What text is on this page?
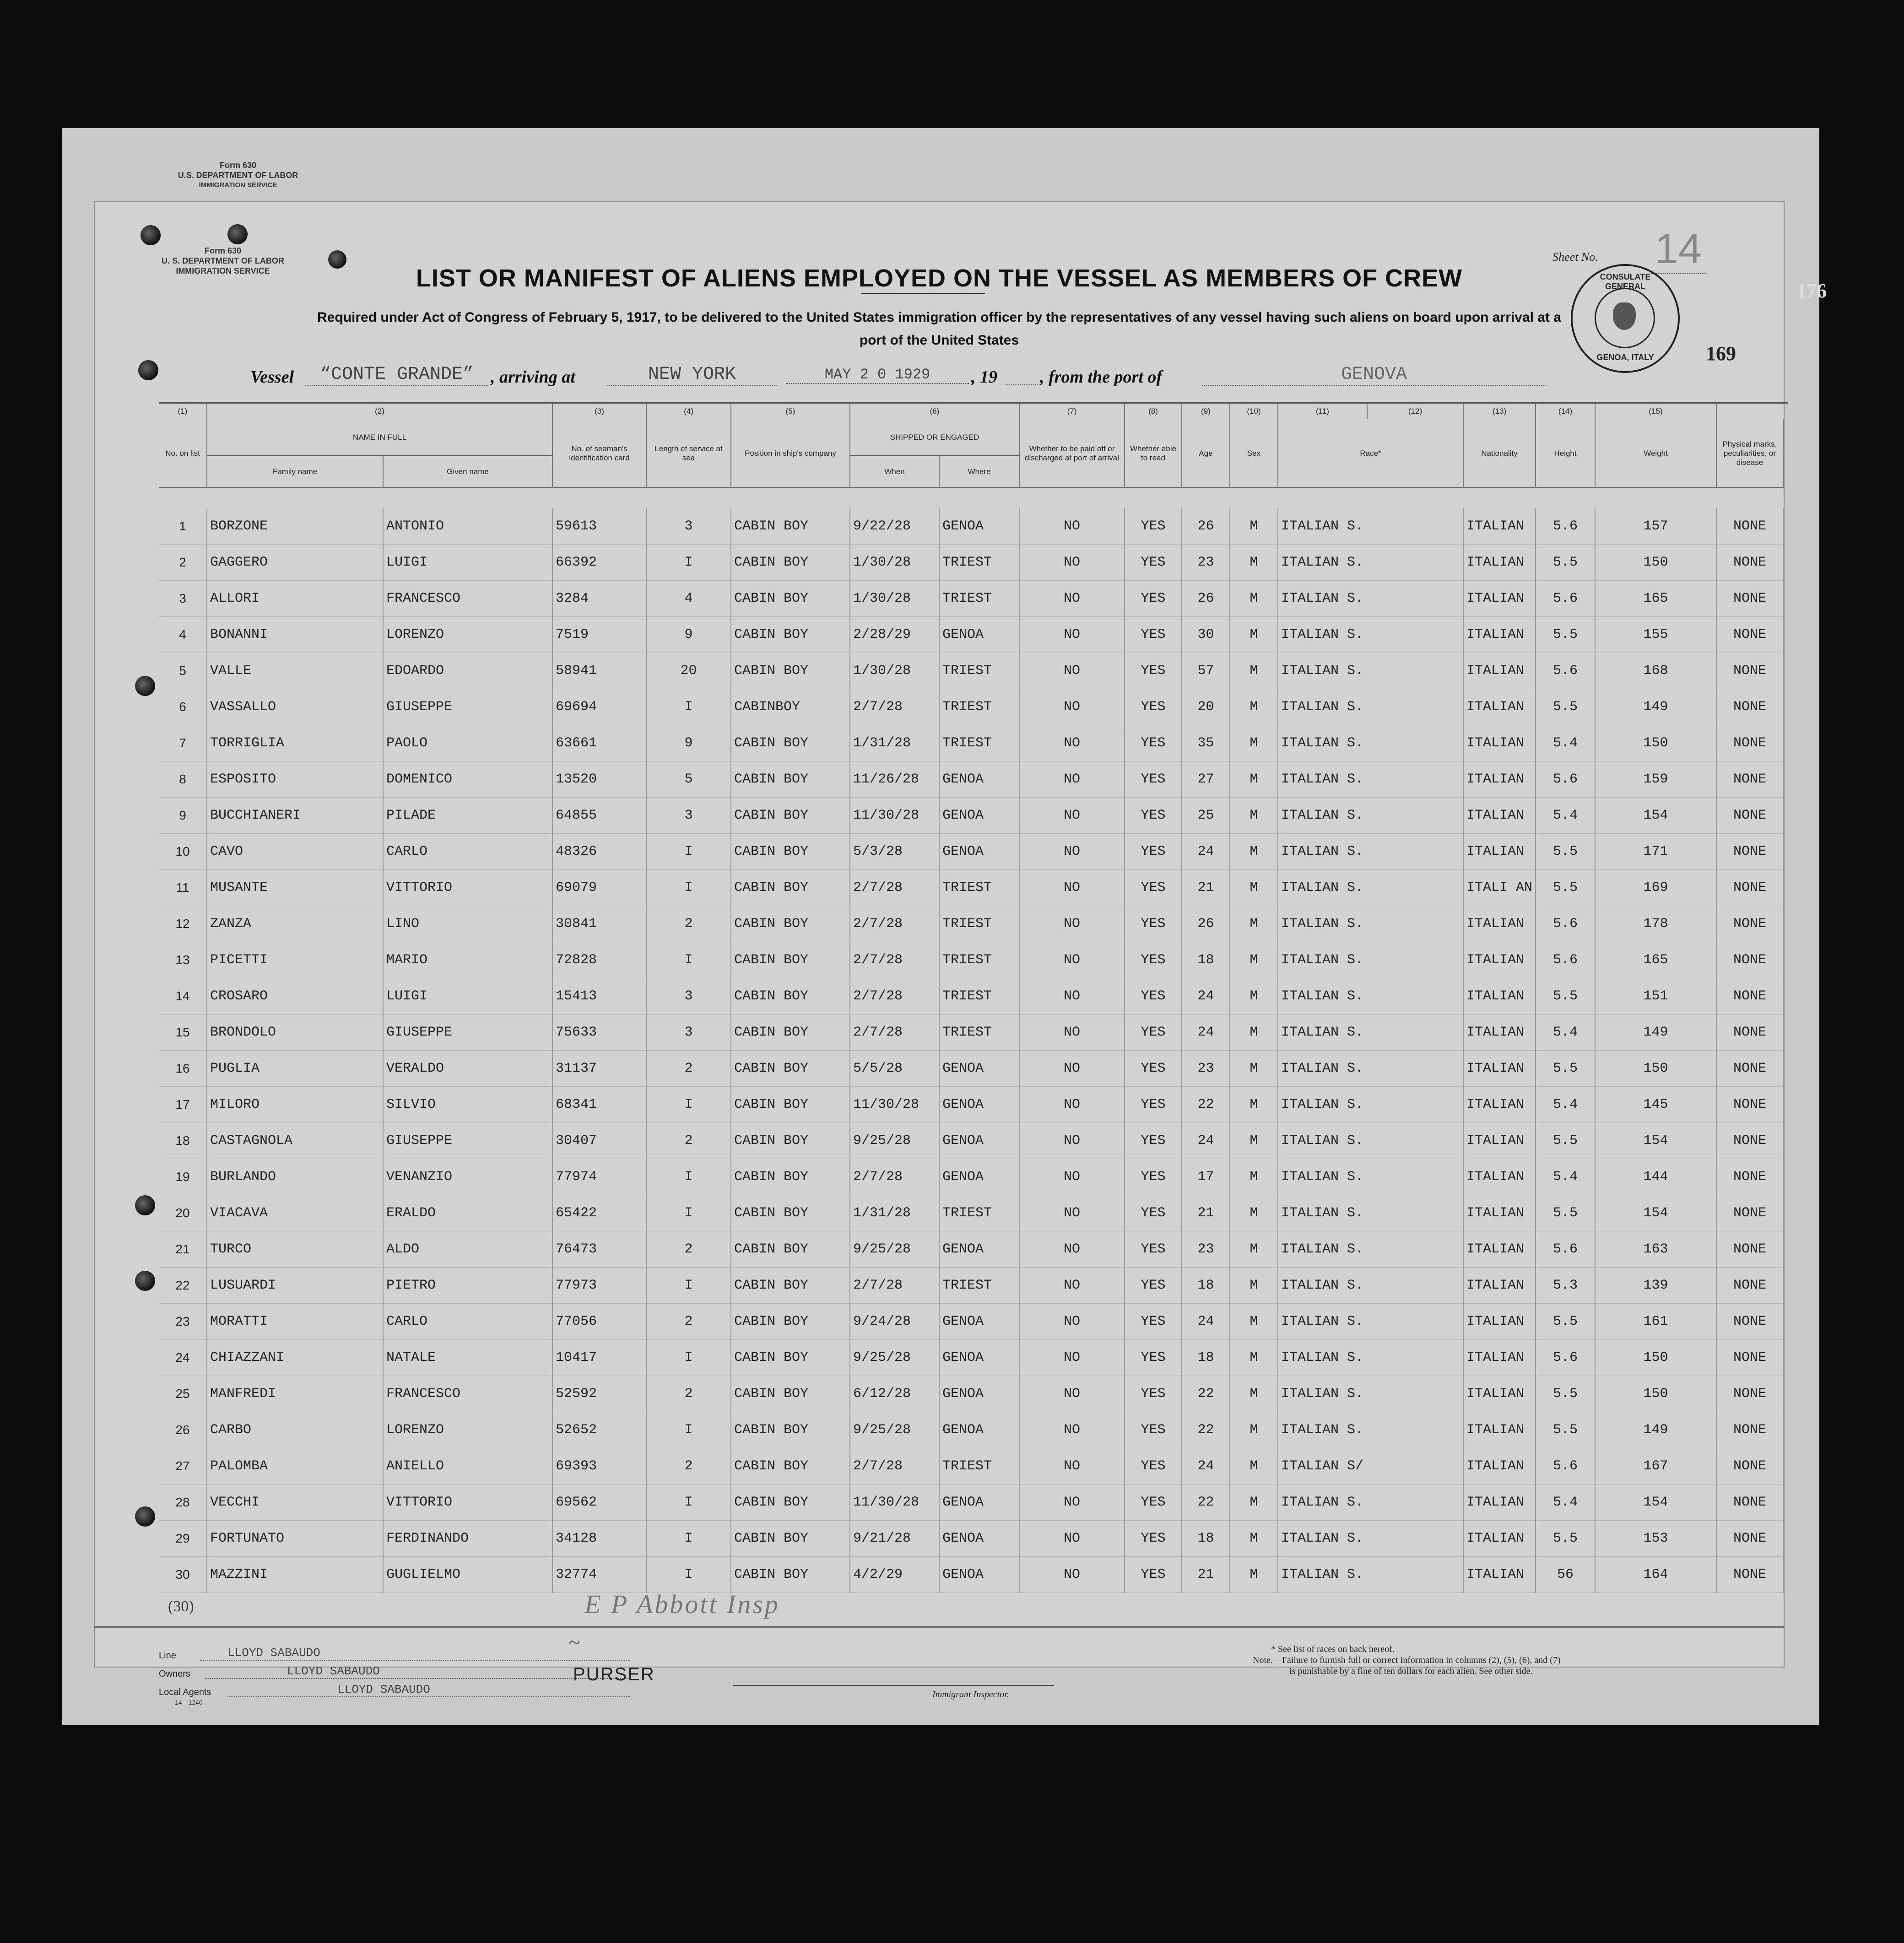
Form 630
U.S. DEPARTMENT OF LABOR
IMMIGRATION SERVICE
176
Form 630
U. S. DEPARTMENT OF LABOR
IMMIGRATION SERVICE
Sheet No. 14
169
CONSULATE GENERAL
GENOA, ITALY
LIST OR MANIFEST OF ALIENS EMPLOYED ON THE VESSEL AS MEMBERS OF CREW
Required under Act of Congress of February 5, 1917, to be delivered to the United States immigration officer by the representatives of any vessel having such aliens on board upon arrival at a
port of the United States
Vessel	“CONTE GRANDE” , arriving at	NEW YORK	MAY 2 0 1929	, 19 , from the port of	GENOVA
(1)	(2)		(3)	(4)	(5)	(6)		(7)	(8)	(9)	(10)	(11)	(12)	(13)	(14)	(15)	
No. on list	NAME IN FULL		No. of seaman's identification card	Length of service at sea	Position in ship's company	SHIPPED OR ENGAGED		Whether to be paid off or discharged at port of arrival	Whether able to read	Age	Sex	Race*		Nationality	Height	Weight	Physical marks, peculiarities, or disease
	Family name	Given name				When	Where										

1	BORZONE	ANTONIO	59613	3	CABIN BOY	9/22/28	GENOA	NO	YES	26	M	ITALIAN S.		ITALIAN	5.6	157	NONE
2	GAGGERO	LUIGI	66392	I	CABIN BOY	1/30/28	TRIEST	NO	YES	23	M	ITALIAN S.		ITALIAN	5.5	150	NONE
3	ALLORI	FRANCESCO	3284	4	CABIN BOY	1/30/28	TRIEST	NO	YES	26	M	ITALIAN S.		ITALIAN	5.6	165	NONE
4	BONANNI	LORENZO	7519	9	CABIN BOY	2/28/29	GENOA	NO	YES	30	M	ITALIAN S.		ITALIAN	5.5	155	NONE
5	VALLE	EDOARDO	58941	20	CABIN BOY	1/30/28	TRIEST	NO	YES	57	M	ITALIAN S.		ITALIAN	5.6	168	NONE
6	VASSALLO	GIUSEPPE	69694	I	CABINBOY	2/7/28	TRIEST	NO	YES	20	M	ITALIAN S.		ITALIAN	5.5	149	NONE
7	TORRIGLIA	PAOLO	63661	9	CABIN BOY	1/31/28	TRIEST	NO	YES	35	M	ITALIAN S.		ITALIAN	5.4	150	NONE
8	ESPOSITO	DOMENICO	13520	5	CABIN BOY	11/26/28	GENOA	NO	YES	27	M	ITALIAN S.		ITALIAN	5.6	159	NONE
9	BUCCHIANERI	PILADE	64855	3	CABIN BOY	11/30/28	GENOA	NO	YES	25	M	ITALIAN S.		ITALIAN	5.4	154	NONE
10	CAVO	CARLO	48326	I	CABIN BOY	5/3/28	GENOA	NO	YES	24	M	ITALIAN S.		ITALIAN	5.5	171	NONE
11	MUSANTE	VITTORIO	69079	I	CABIN BOY	2/7/28	TRIEST	NO	YES	21	M	ITALIAN S.		ITALI AN	5.5	169	NONE
12	ZANZA	LINO	30841	2	CABIN BOY	2/7/28	TRIEST	NO	YES	26	M	ITALIAN S.		ITALIAN	5.6	178	NONE
13	PICETTI	MARIO	72828	I	CABIN BOY	2/7/28	TRIEST	NO	YES	18	M	ITALIAN S.		ITALIAN	5.6	165	NONE
14	CROSARO	LUIGI	15413	3	CABIN BOY	2/7/28	TRIEST	NO	YES	24	M	ITALIAN S.		ITALIAN	5.5	151	NONE
15	BRONDOLO	GIUSEPPE	75633	3	CABIN BOY	2/7/28	TRIEST	NO	YES	24	M	ITALIAN S.		ITALIAN	5.4	149	NONE
16	PUGLIA	VERALDO	31137	2	CABIN BOY	5/5/28	GENOA	NO	YES	23	M	ITALIAN S.		ITALIAN	5.5	150	NONE
17	MILORO	SILVIO	68341	I	CABIN BOY	11/30/28	GENOA	NO	YES	22	M	ITALIAN S.		ITALIAN	5.4	145	NONE
18	CASTAGNOLA	GIUSEPPE	30407	2	CABIN BOY	9/25/28	GENOA	NO	YES	24	M	ITALIAN S.		ITALIAN	5.5	154	NONE
19	BURLANDO	VENANZIO	77974	I	CABIN BOY	2/7/28	GENOA	NO	YES	17	M	ITALIAN S.		ITALIAN	5.4	144	NONE
20	VIACAVA	ERALDO	65422	I	CABIN BOY	1/31/28	TRIEST	NO	YES	21	M	ITALIAN S.		ITALIAN	5.5	154	NONE
21	TURCO	ALDO	76473	2	CABIN BOY	9/25/28	GENOA	NO	YES	23	M	ITALIAN S.		ITALIAN	5.6	163	NONE
22	LUSUARDI	PIETRO	77973	I	CABIN BOY	2/7/28	TRIEST	NO	YES	18	M	ITALIAN S.		ITALIAN	5.3	139	NONE
23	MORATTI	CARLO	77056	2	CABIN BOY	9/24/28	GENOA	NO	YES	24	M	ITALIAN S.		ITALIAN	5.5	161	NONE
24	CHIAZZANI	NATALE	10417	I	CABIN BOY	9/25/28	GENOA	NO	YES	18	M	ITALIAN S.		ITALIAN	5.6	150	NONE
25	MANFREDI	FRANCESCO	52592	2	CABIN BOY	6/12/28	GENOA	NO	YES	22	M	ITALIAN S.		ITALIAN	5.5	150	NONE
26	CARBO	LORENZO	52652	I	CABIN BOY	9/25/28	GENOA	NO	YES	22	M	ITALIAN S.		ITALIAN	5.5	149	NONE
27	PALOMBA	ANIELLO	69393	2	CABIN BOY	2/7/28	TRIEST	NO	YES	24	M	ITALIAN S/		ITALIAN	5.6	167	NONE
28	VECCHI	VITTORIO	69562	I	CABIN BOY	11/30/28	GENOA	NO	YES	22	M	ITALIAN S.		ITALIAN	5.4	154	NONE
29	FORTUNATO	FERDINANDO	34128	I	CABIN BOY	9/21/28	GENOA	NO	YES	18	M	ITALIAN S.		ITALIAN	5.5	153	NONE
30	MAZZINI	GUGLIELMO	32774	I	CABIN BOY	4/2/29	GENOA	NO	YES	21	M	ITALIAN S.		ITALIAN	56	164	NONE
(30)	E P Abbott Insp
Line	LLOYD SABAUDO
Owners	LLOYD SABAUDO
Local Agents	LLOYD SABAUDO
14—1240
~
PURSER
Immigrant Inspector.
* See list of races on back hereof.
Note.—Failure to furnish full or correct information in columns (2), (5), (6), and (7)
is punishable by a fine of ten dollars for each alien. See other side.
